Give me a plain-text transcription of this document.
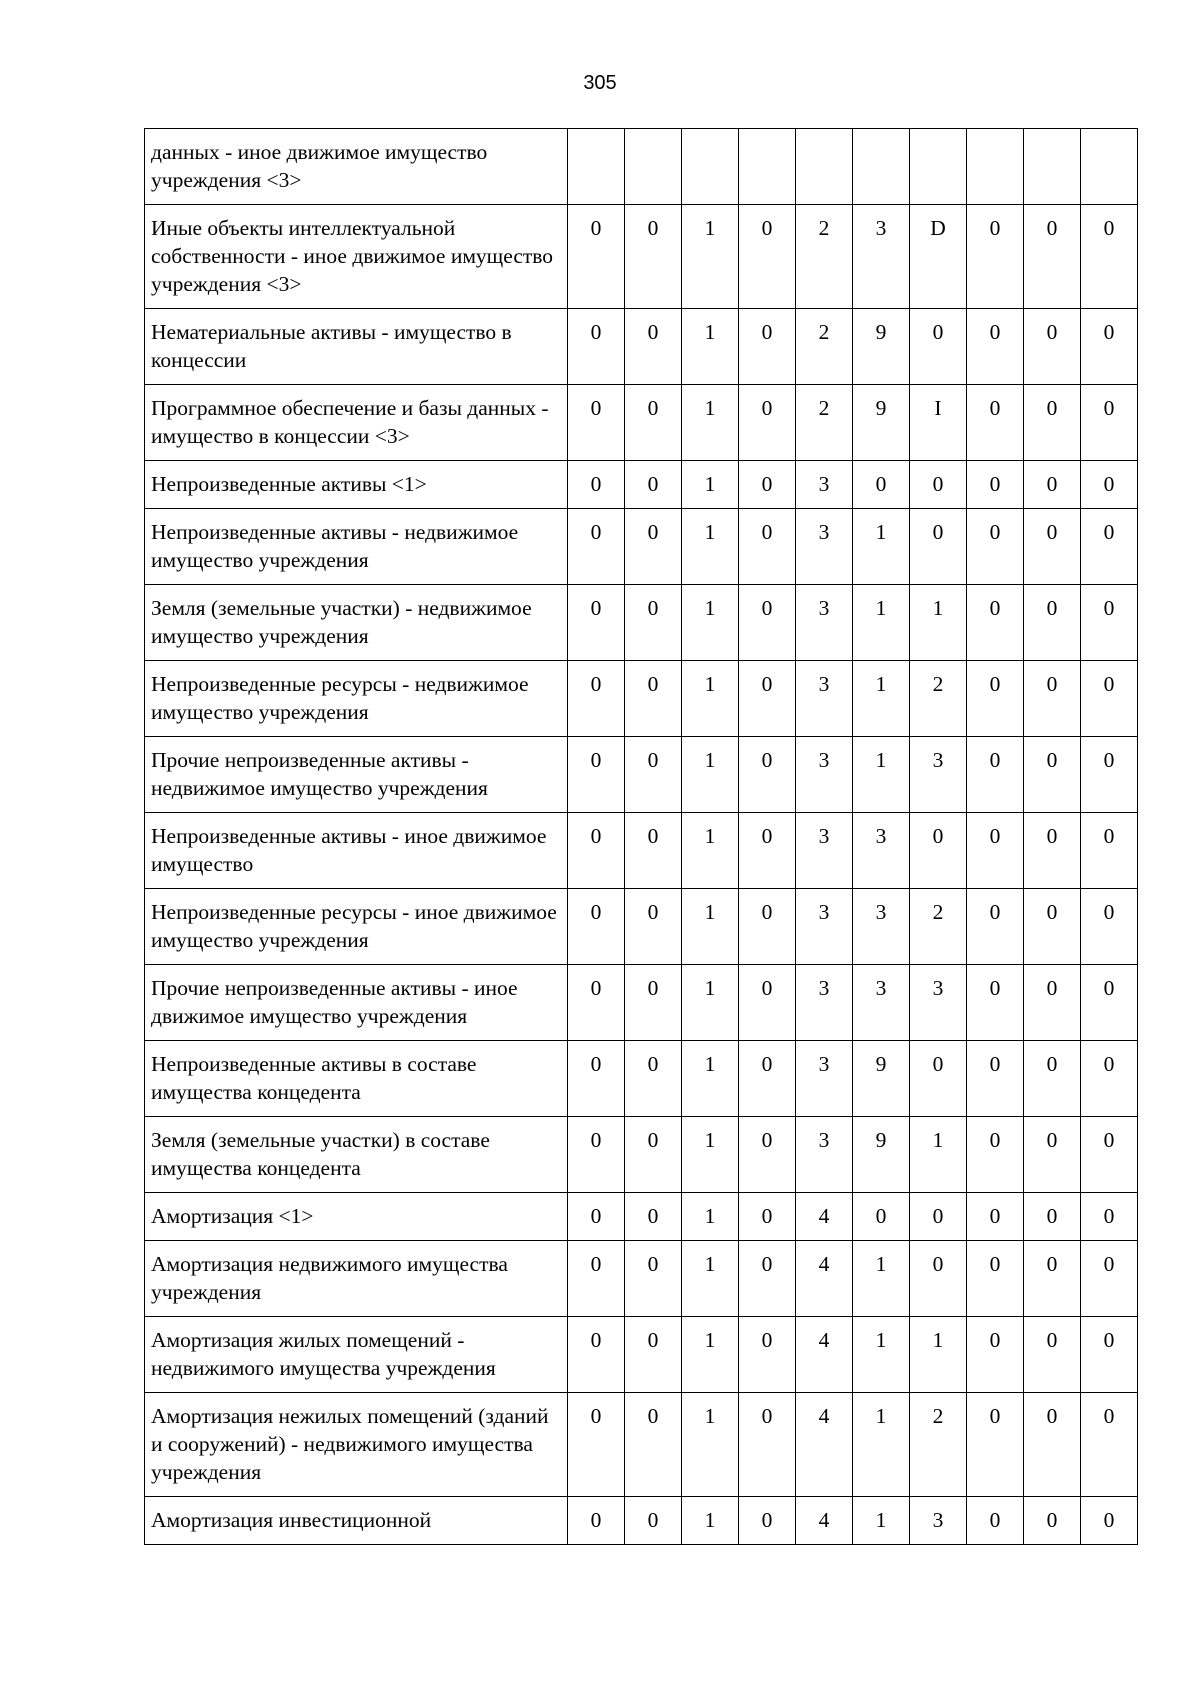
305
данных - иное движимое имущество учреждения <3>										
Иные объекты интеллектуальной собственности - иное движимое имущество учреждения <3>	0	0	1	0	2	3	D	0	0	0
Нематериальные активы - имущество в концессии	0	0	1	0	2	9	0	0	0	0
Программное обеспечение и базы данных - имущество в концессии <3>	0	0	1	0	2	9	I	0	0	0
Непроизведенные активы <1>	0	0	1	0	3	0	0	0	0	0
Непроизведенные активы - недвижимое имущество учреждения	0	0	1	0	3	1	0	0	0	0
Земля (земельные участки) - недвижимое имущество учреждения	0	0	1	0	3	1	1	0	0	0
Непроизведенные ресурсы - недвижимое имущество учреждения	0	0	1	0	3	1	2	0	0	0
Прочие непроизведенные активы - недвижимое имущество учреждения	0	0	1	0	3	1	3	0	0	0
Непроизведенные активы - иное движимое имущество	0	0	1	0	3	3	0	0	0	0
Непроизведенные ресурсы - иное движимое имущество учреждения	0	0	1	0	3	3	2	0	0	0
Прочие непроизведенные активы - иное движимое имущество учреждения	0	0	1	0	3	3	3	0	0	0
Непроизведенные активы в составе имущества концедента	0	0	1	0	3	9	0	0	0	0
Земля (земельные участки) в составе имущества концедента	0	0	1	0	3	9	1	0	0	0
Амортизация <1>	0	0	1	0	4	0	0	0	0	0
Амортизация недвижимого имущества учреждения	0	0	1	0	4	1	0	0	0	0
Амортизация жилых помещений - недвижимого имущества учреждения	0	0	1	0	4	1	1	0	0	0
Амортизация нежилых помещений (зданий и сооружений) - недвижимого имущества учреждения	0	0	1	0	4	1	2	0	0	0
Амортизация инвестиционной	0	0	1	0	4	1	3	0	0	0
